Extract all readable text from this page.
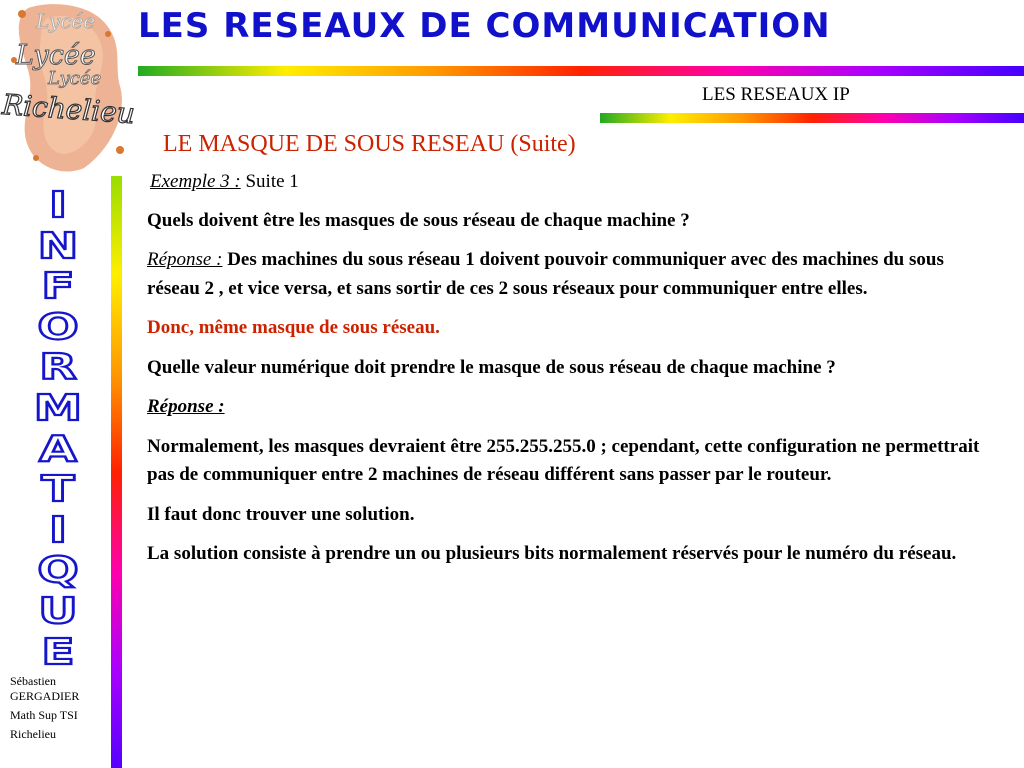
Lycée
Lycée
Lycée
Richelieu
LES RESEAUX DE COMMUNICATION
LES RESEAUX IP
LE MASQUE DE SOUS RESEAU (Suite)
I
N
F
O
R
M
A
T
I
Q
U
E
Sébastien
GERGADIER
Math Sup TSI
Richelieu

Exemple 3 : Suite 1

Quels doivent être les masques de sous réseau de chaque machine ?

Réponse : Des machines du sous réseau 1 doivent pouvoir communiquer avec des machines du sous réseau 2 , et vice versa, et sans sortir de ces 2 sous réseaux pour communiquer entre elles.

Donc, même masque de sous réseau.

Quelle valeur numérique doit prendre le masque de sous réseau de chaque machine ?

Réponse :

Normalement, les masques devraient être 255.255.255.0 ; cependant, cette configuration ne permettrait pas de communiquer entre 2 machines de réseau différent sans passer par le routeur.

Il faut donc trouver une solution.

La solution consiste à prendre un ou plusieurs bits normalement réservés pour le numéro du réseau.
